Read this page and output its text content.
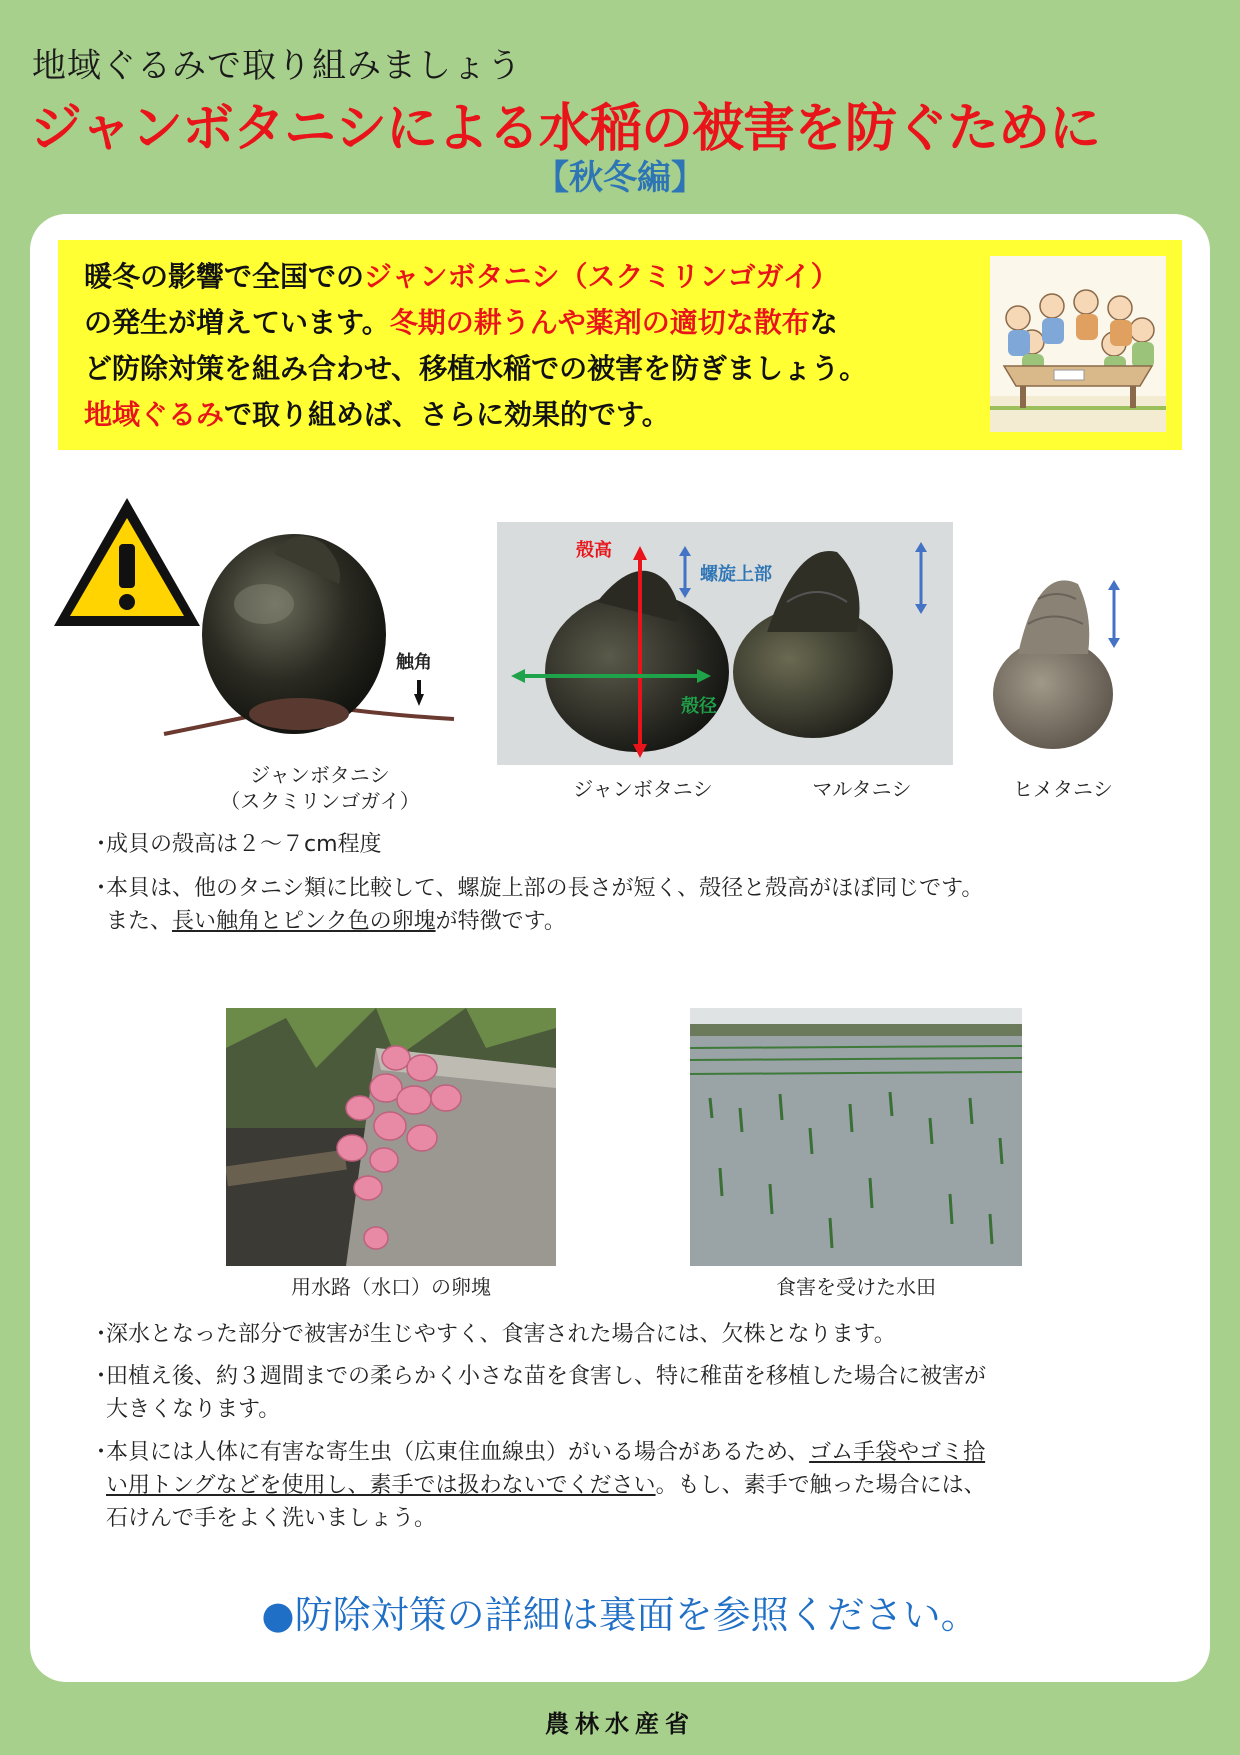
地域ぐるみで取り組みましょう
ジャンボタニシによる水稲の被害を防ぐために
【秋冬編】
暖冬の影響で全国でのジャンボタニシ（スクミリンゴガイ）
の発生が増えています。冬期の耕うんや薬剤の適切な散布な
ど防除対策を組み合わせ、移植水稲での被害を防ぎましょう。
地域ぐるみで取り組めば、さらに効果的です。
触角
ジャンボタニシ
（スクミリンゴガイ）
殻高
螺旋上部
殻径
ジャンボタニシ	マルタニシ	ヒメタニシ
・
成貝の殻高は２～７cm程度
・
本貝は、他のタニシ類に比較して、螺旋上部の長さが短く、殻径と殻高がほぼ同じです。
また、長い触角とピンク色の卵塊が特徴です。
用水路（水口）の卵塊	食害を受けた水田
・
深水となった部分で被害が生じやすく、食害された場合には、欠株となります。
・
田植え後、約３週間までの柔らかく小さな苗を食害し、特に稚苗を移植した場合に被害が
大きくなります。
・
本貝には人体に有害な寄生虫（広東住血線虫）がいる場合があるため、ゴム手袋やゴミ拾
い用トングなどを使用し、素手では扱わないでください。もし、素手で触った場合には、
石けんで手をよく洗いましょう。
●防除対策の詳細は裏面を参照ください。
農林水産省
